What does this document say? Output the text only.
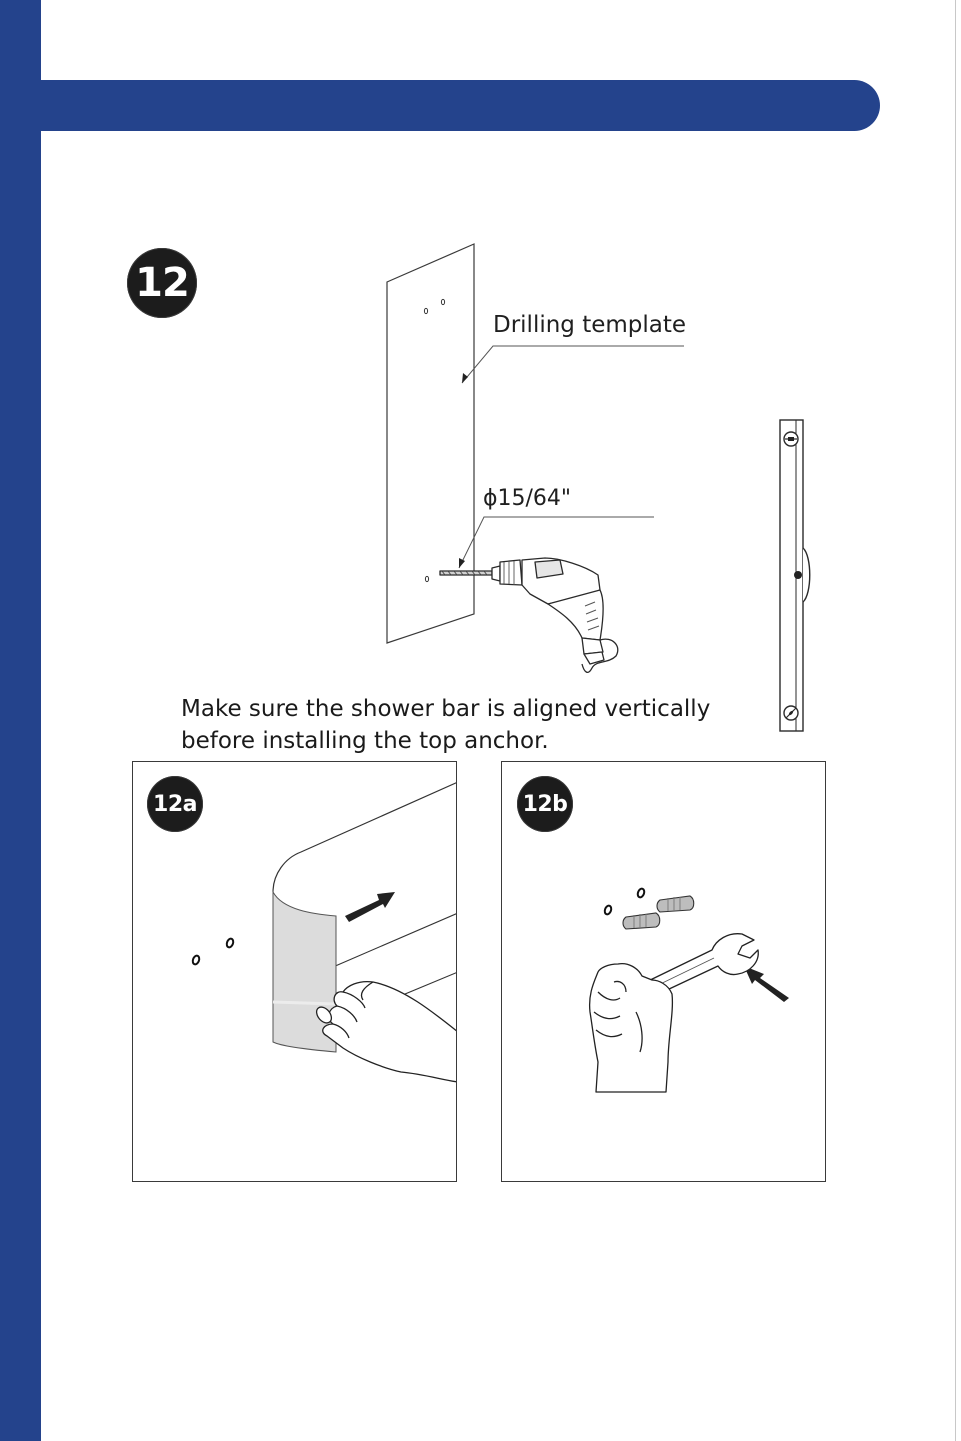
12
Drilling template
ϕ15/64"
Make sure the shower bar is aligned vertically
before installing the top anchor.
12a	12b
